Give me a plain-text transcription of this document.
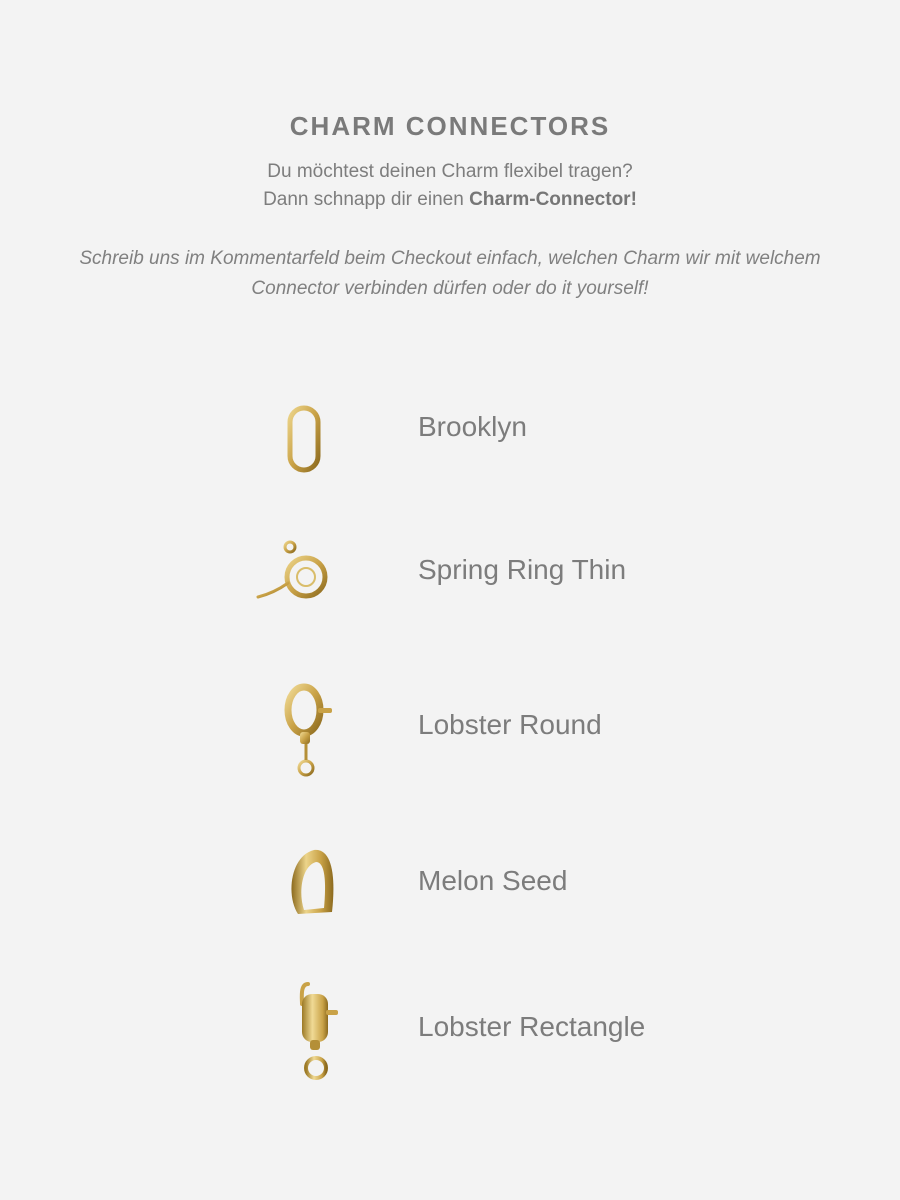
CHARM CONNECTORS

Du möchtest deinen Charm flexibel tragen?
Dann schnapp dir einen Charm-Connector!

Schreib uns im Kommentarfeld beim Checkout einfach, welchen Charm wir mit welchem Connector verbinden dürfen oder do it yourself!

Brooklyn
Spring Ring Thin
Lobster Round
Melon Seed
Lobster Rectangle
